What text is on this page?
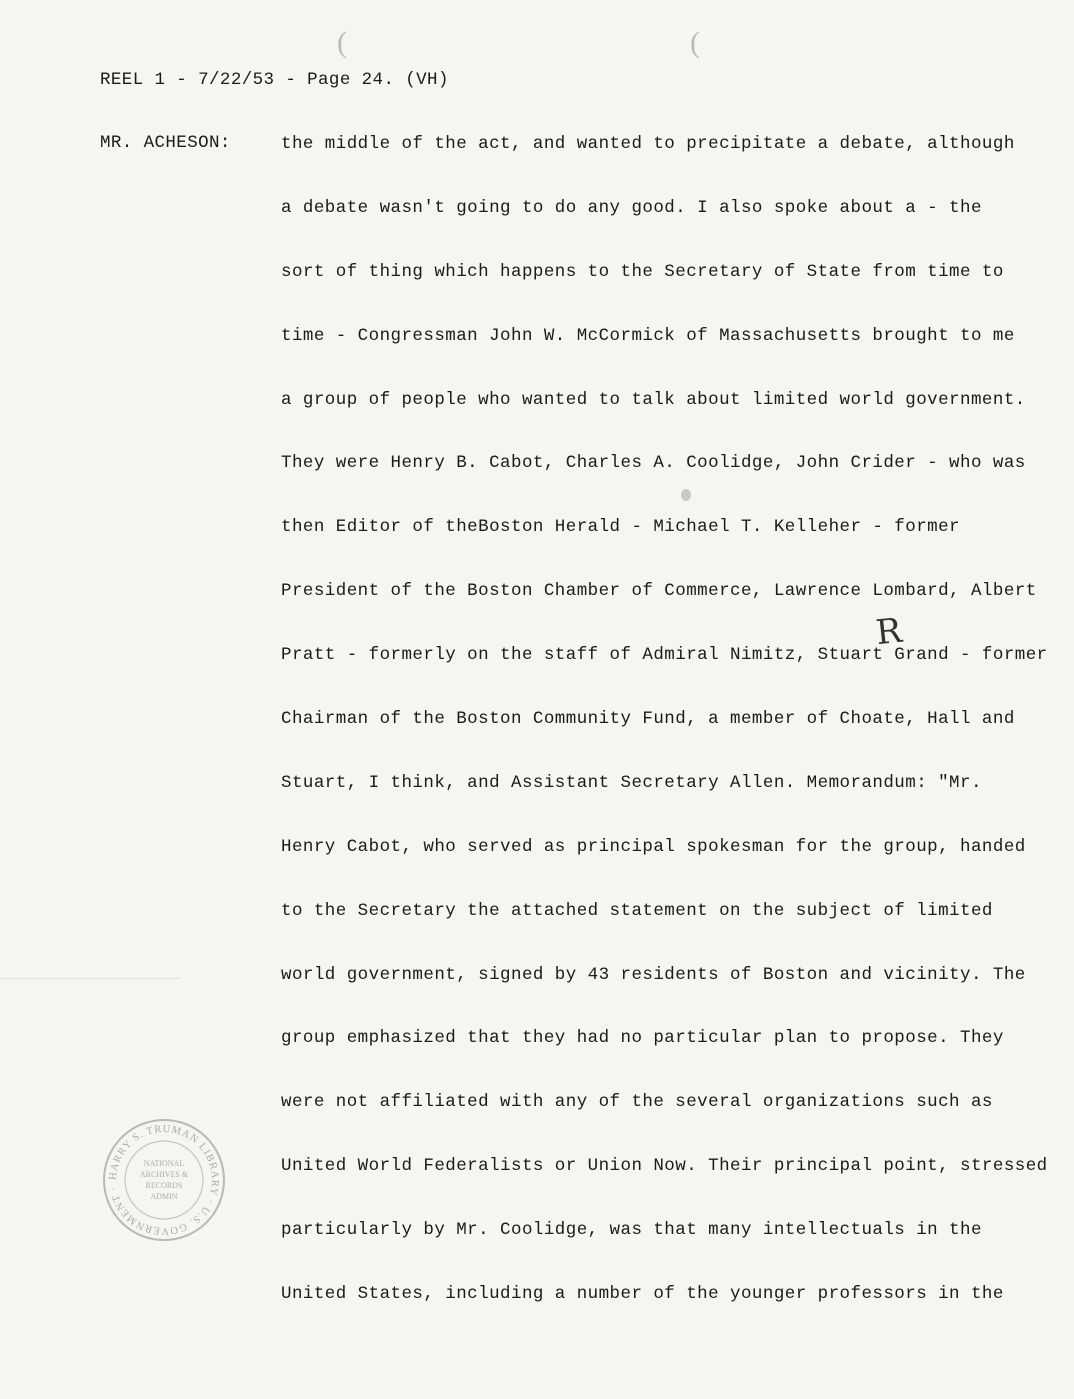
(	(
REEL 1 - 7/22/53 - Page 24. (VH)
MR. ACHESON:	the middle of the act, and wanted to precipitate a debate, although
a debate wasn't going to do any good. I also spoke about a - the
sort of thing which happens to the Secretary of State from time to
time - Congressman John W. McCormick of Massachusetts brought to me
a group of people who wanted to talk about limited world government.
They were Henry B. Cabot, Charles A. Coolidge, John Crider - who was
then Editor of theBoston Herald - Michael T. Kelleher - former
President of the Boston Chamber of Commerce, Lawrence Lombard, Albert
Pratt - formerly on the staff of Admiral Nimitz, Stuart Grand - former
Chairman of the Boston Community Fund, a member of Choate, Hall and
Stuart, I think, and Assistant Secretary Allen. Memorandum: "Mr.
Henry Cabot, who served as principal spokesman for the group, handed
to the Secretary the attached statement on the subject of limited
world government, signed by 43 residents of Boston and vicinity. The
group emphasized that they had no particular plan to propose. They
were not affiliated with any of the several organizations such as
United World Federalists or Union Now. Their principal point, stressed
particularly by Mr. Coolidge, was that many intellectuals in the
United States, including a number of the younger professors in the
R
HARRY S. TRUMAN LIBRARY · U.S. GOVERNMENT ·
NATIONAL
ARCHIVES &
RECORDS
ADMIN
